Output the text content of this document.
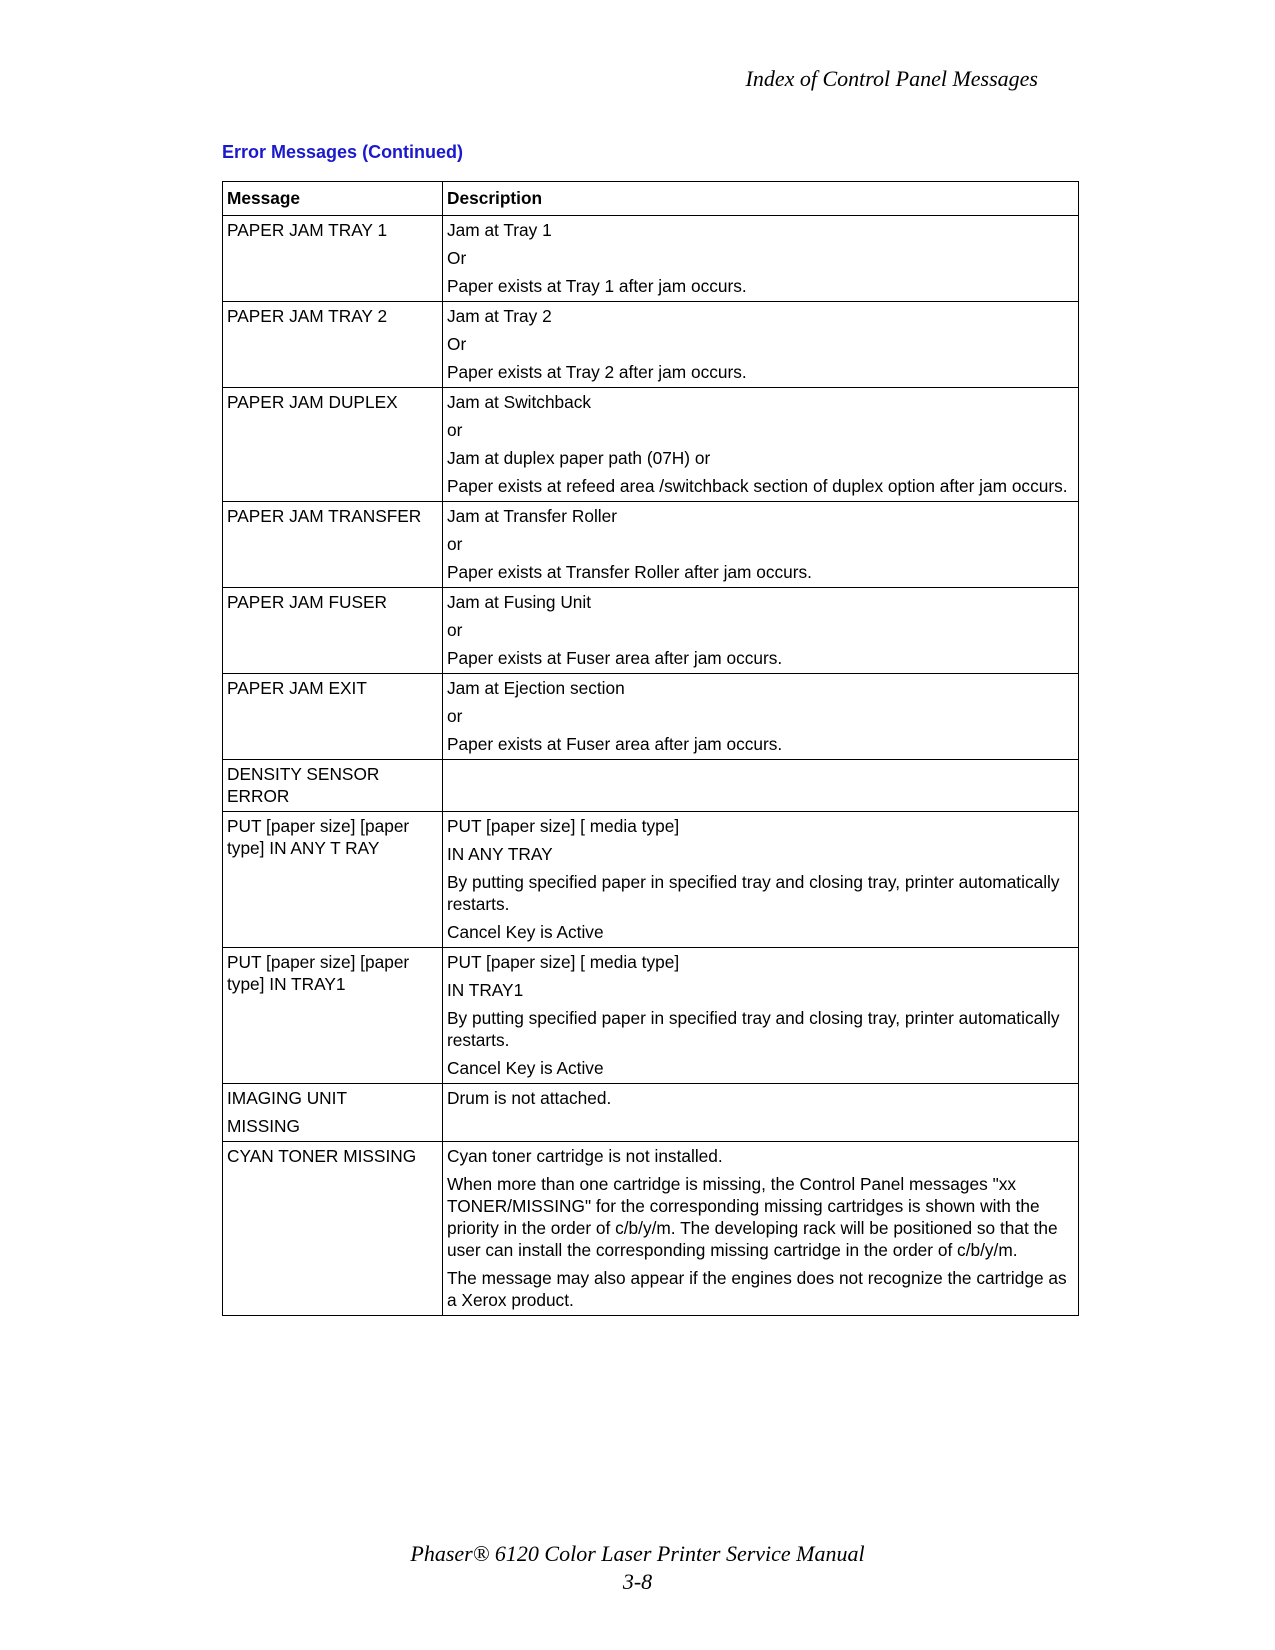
Index of Control Panel Messages
Error Messages (Continued)
Message	Description

PAPER JAM TRAY 1	Jam at Tray 1

Or

Paper exists at Tray 1 after jam occurs.

PAPER JAM TRAY 2	Jam at Tray 2

Or

Paper exists at Tray 2 after jam occurs.

PAPER JAM DUPLEX	Jam at Switchback

or

Jam at duplex paper path (07H) or

Paper exists at refeed area /switchback section of duplex option after jam occurs.

PAPER JAM TRANSFER	Jam at Transfer Roller

or

Paper exists at Transfer Roller after jam occurs.

PAPER JAM FUSER	Jam at Fusing Unit

or

Paper exists at Fuser area after jam occurs.

PAPER JAM EXIT	Jam at Ejection section

or

Paper exists at Fuser area after jam occurs.

DENSITY SENSOR ERROR	

PUT [paper size] [paper type] IN ANY T RAY	PUT [paper size] [ media type]

IN ANY TRAY

By putting specified paper in specified tray and closing tray, printer automatically restarts.

Cancel Key is Active

PUT [paper size] [paper type] IN TRAY1	PUT [paper size] [ media type]

IN TRAY1

By putting specified paper in specified tray and closing tray, printer automatically restarts.

Cancel Key is Active

IMAGING UNIT

MISSING	Drum is not attached.

CYAN TONER MISSING	Cyan toner cartridge is not installed.

When more than one cartridge is missing, the Control Panel messages "xx TONER/MISSING" for the corresponding missing cartridges is shown with the priority in the order of c/b/y/m. The developing rack will be positioned so that the user can install the corresponding missing cartridge in the order of c/b/y/m.

The message may also appear if the engines does not recognize the cartridge as a Xerox product.

Phaser® 6120 Color Laser Printer Service Manual
3-8
